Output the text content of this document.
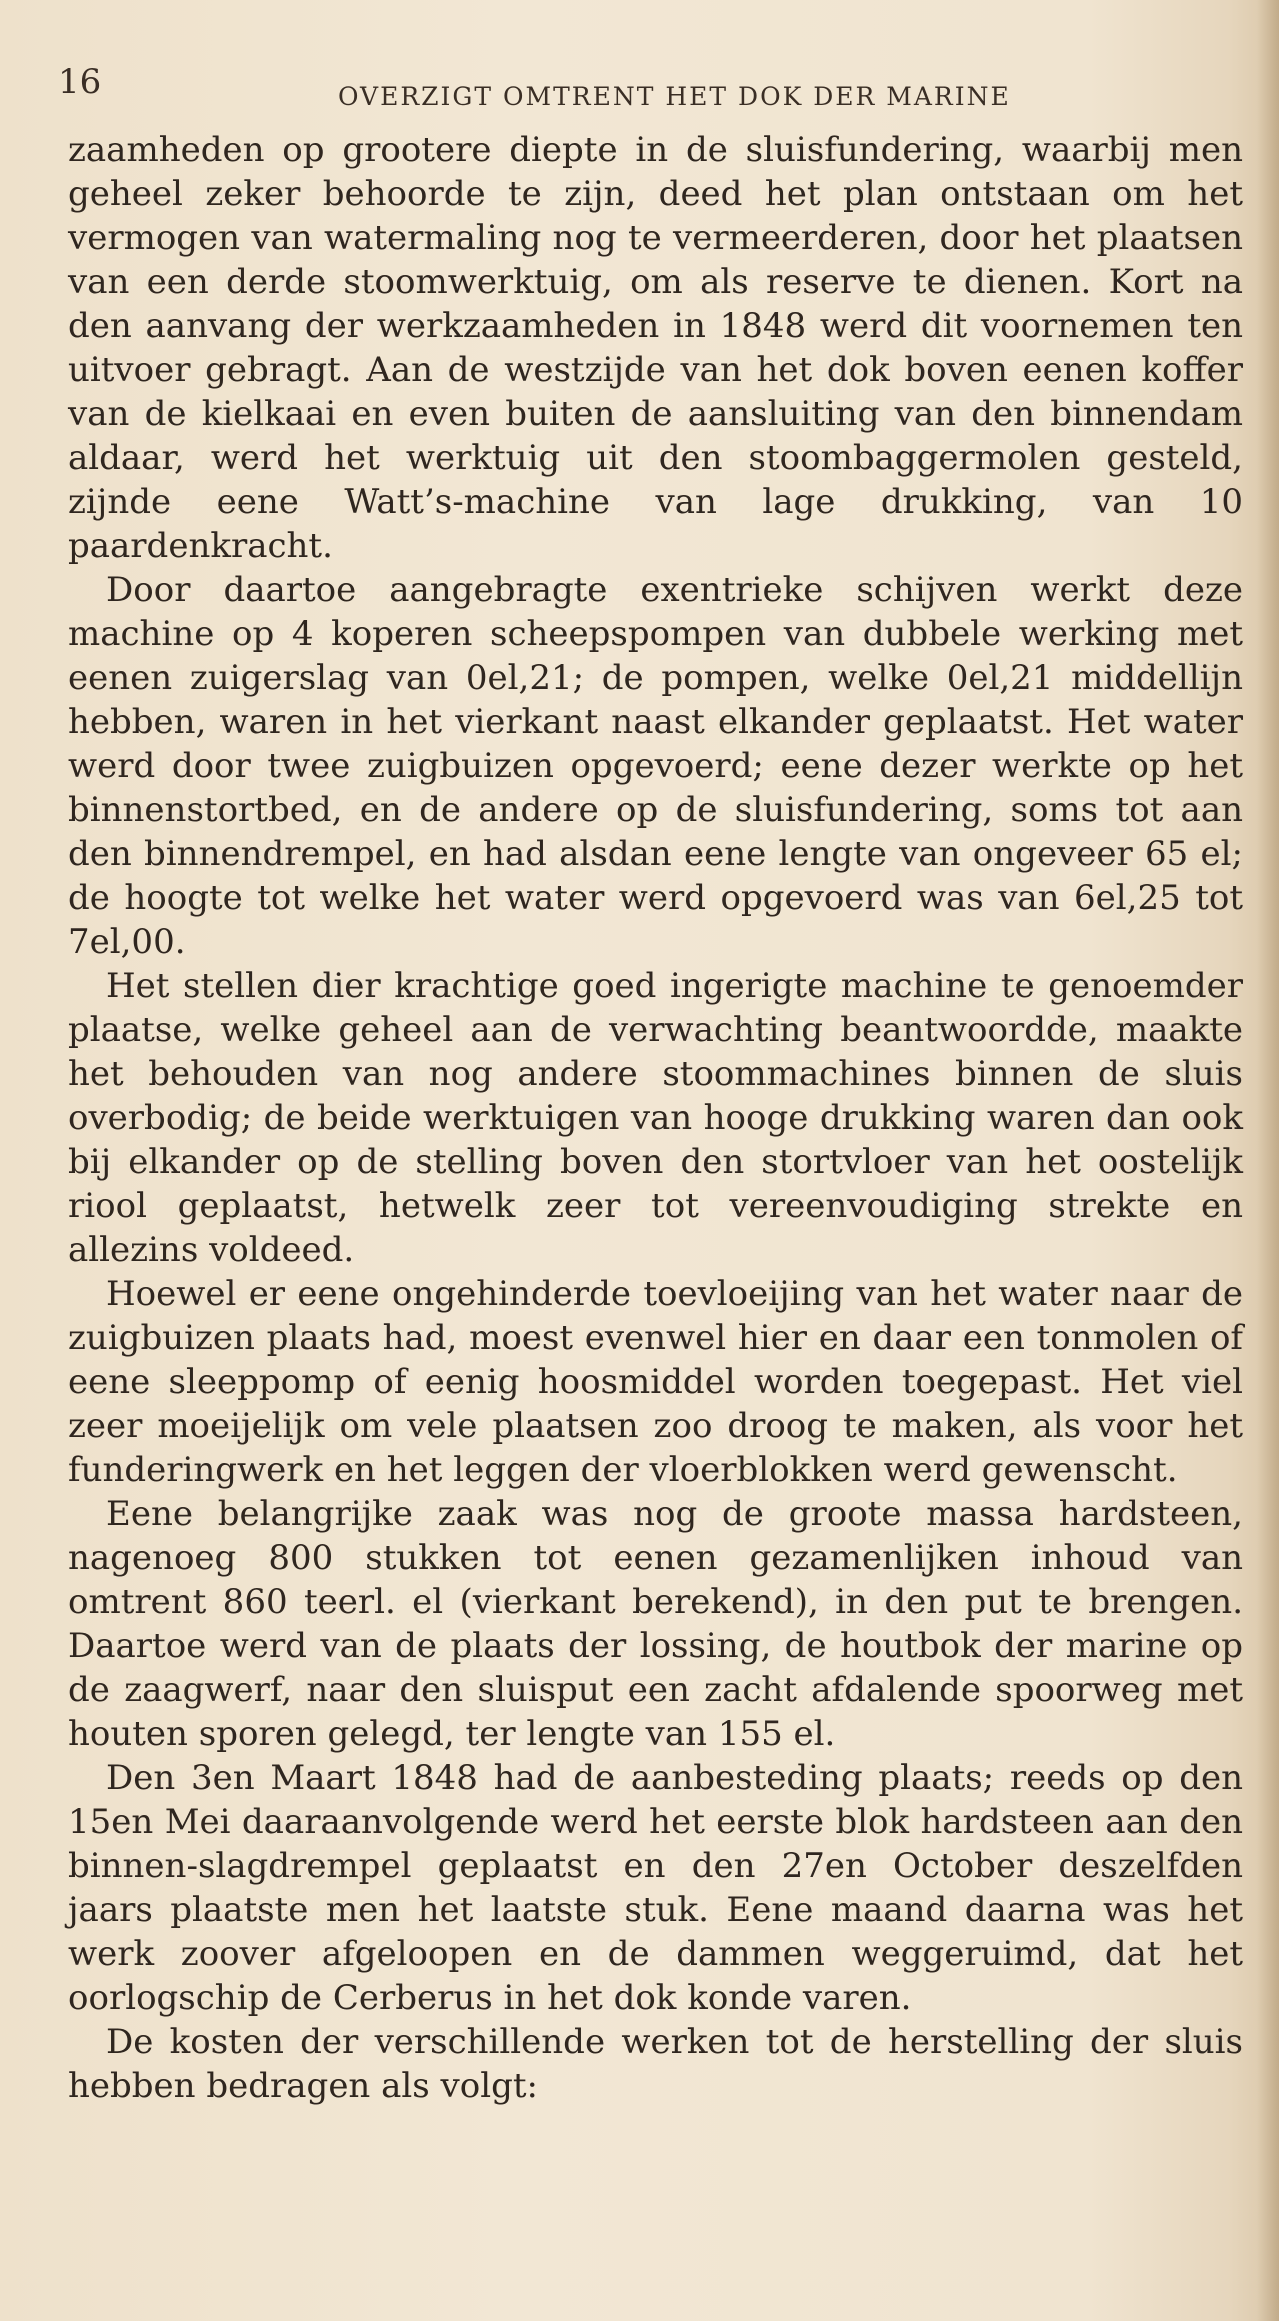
16	OVERZIGT OMTRENT HET DOK DER MARINE

zaamheden op grootere diepte in de sluisfundering, waarbij men geheel zeker behoorde te zijn, deed het plan ontstaan om het vermogen van watermaling nog te vermeerderen, door het plaatsen van een derde stoomwerktuig, om als reserve te dienen. Kort na den aanvang der werkzaamheden in 1848 werd dit voornemen ten uitvoer gebragt. Aan de westzijde van het dok boven eenen koffer van de kielkaai en even buiten de aansluiting van den binnendam aldaar, werd het werktuig uit den stoombaggermolen gesteld, zijnde eene Watt’s-machine van lage drukking, van 10 paardenkracht.

Door daartoe aangebragte exentrieke schijven werkt deze machine op 4 koperen scheepspompen van dubbele werking met eenen zuigerslag van 0el,21; de pompen, welke 0el,21 middellijn hebben, waren in het vierkant naast elkander geplaatst. Het water werd door twee zuigbuizen opgevoerd; eene dezer werkte op het binnenstortbed, en de andere op de sluisfundering, soms tot aan den binnendrempel, en had alsdan eene lengte van ongeveer 65 el; de hoogte tot welke het water werd opgevoerd was van 6el,25 tot 7el,00.

Het stellen dier krachtige goed ingerigte machine te genoemder plaatse, welke geheel aan de verwachting beantwoordde, maakte het behouden van nog andere stoommachines binnen de sluis overbodig; de beide werktuigen van hooge drukking waren dan ook bij elkander op de stelling boven den stortvloer van het oostelijk riool geplaatst, hetwelk zeer tot vereenvoudiging strekte en allezins voldeed.

Hoewel er eene ongehinderde toevloeijing van het water naar de zuigbuizen plaats had, moest evenwel hier en daar een tonmolen of eene sleeppomp of eenig hoosmiddel worden toegepast. Het viel zeer moeijelijk om vele plaatsen zoo droog te maken, als voor het funderingwerk en het leggen der vloerblokken werd gewenscht.

Eene belangrijke zaak was nog de groote massa hardsteen, nagenoeg 800 stukken tot eenen gezamenlijken inhoud van omtrent 860 teerl. el (vierkant berekend), in den put te brengen. Daartoe werd van de plaats der lossing, de houtbok der marine op de zaagwerf, naar den sluisput een zacht afdalende spoorweg met houten sporen gelegd, ter lengte van 155 el.

Den 3en Maart 1848 had de aanbesteding plaats; reeds op den 15en Mei daaraanvolgende werd het eerste blok hardsteen aan den binnen-slagdrempel geplaatst en den 27en October deszelfden jaars plaatste men het laatste stuk. Eene maand daarna was het werk zoover afgeloopen en de dammen weggeruimd, dat het oorlogschip de Cerberus in het dok konde varen.

De kosten der verschillende werken tot de herstelling der sluis hebben bedragen als volgt:
